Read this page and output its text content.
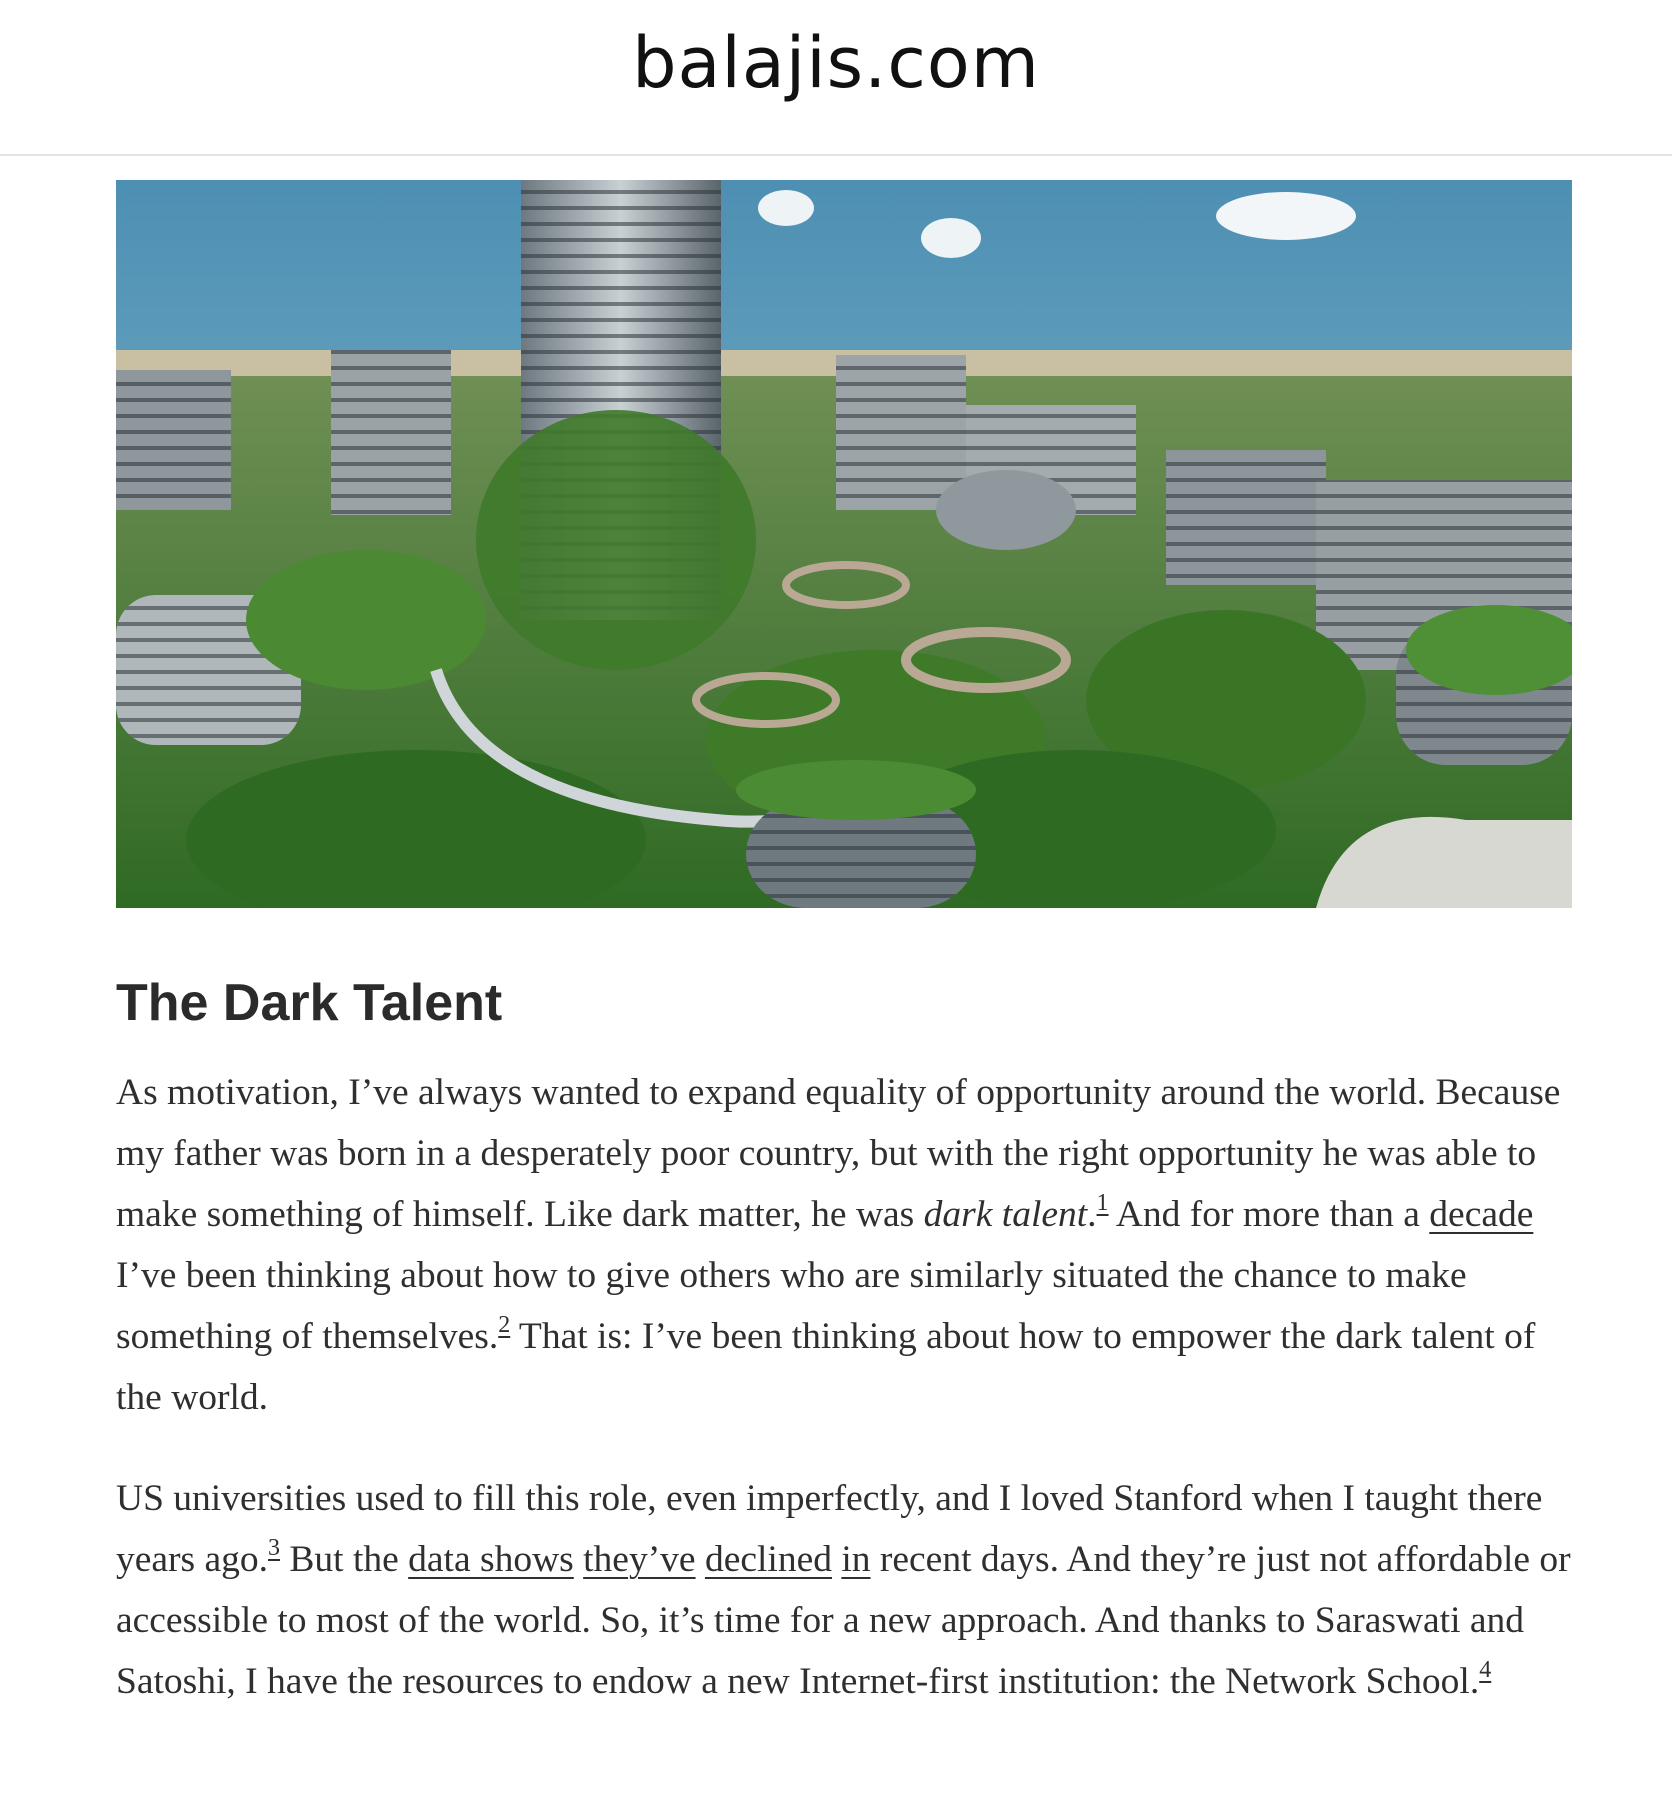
balajis.com
The Dark Talent

As motivation, I’ve always wanted to expand equality of opportunity around the world. Because my father was born in a desperately poor country, but with the right opportunity he was able to make something of himself. Like dark matter, he was dark talent.$^1$ And for more than a decade I’ve been thinking about how to give others who are similarly situated the chance to make something of themselves.$^2$ That is: I’ve been thinking about how to empower the dark talent of the world.

US universities used to fill this role, even imperfectly, and I loved Stanford when I taught there years ago.$^3$ But the data shows they’ve declined in recent days. And they’re just not affordable or accessible to most of the world. So, it’s time for a new approach. And thanks to Saraswati and Satoshi, I have the resources to endow a new Internet-first institution: the Network School.$^4$
